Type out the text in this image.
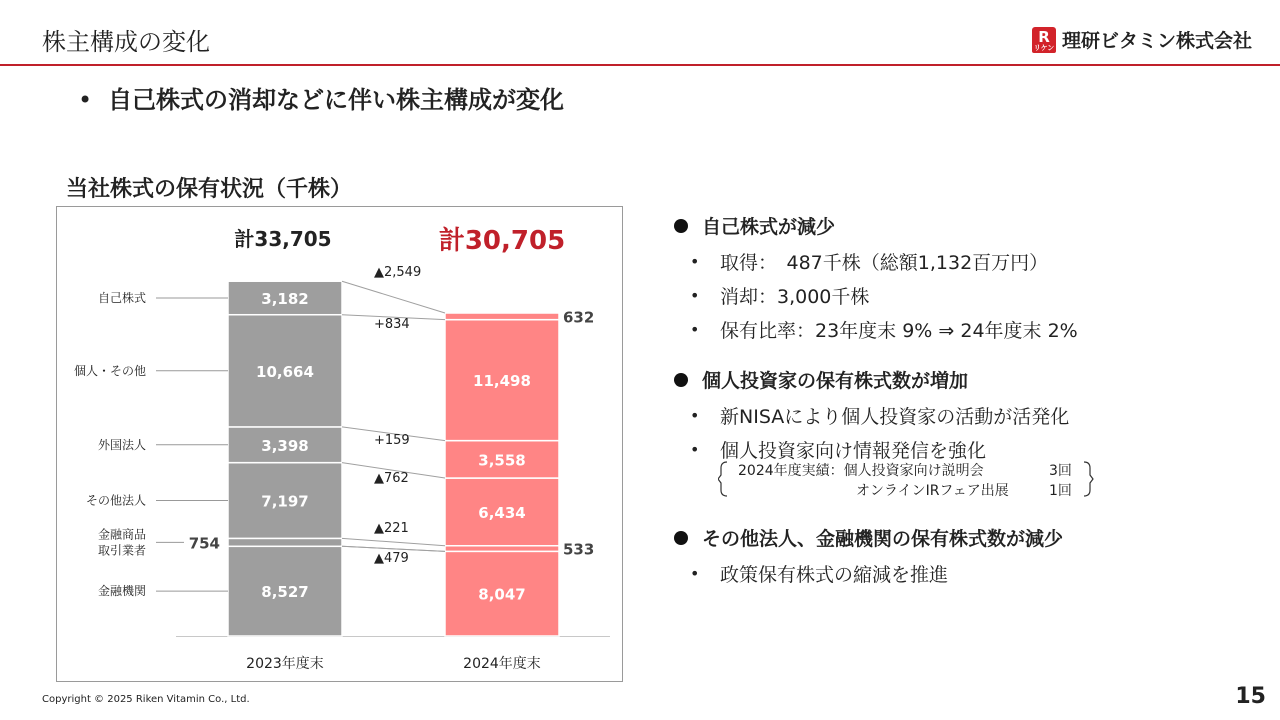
株主構成の変化	R
リケン 理研ビタミン株式会社
• 自己株式の消却などに伴い株主構成が変化
当社株式の保有状況（千株）
2023年度末	2024年度末
8,527	8,047
754	533
7,197
6,434
3,398
3,558
10,664
11,498
3,182
632
金融機関
金融商品取引業者
その他法人
外国法人
個人・その他
自己株式
▲479
▲221
▲762
+159
+834
▲2,549
計33,705	計30,705	自己株式が減少
•	取得：　487千株（総額1,132百万円）
•	消却：3,000千株
•	保有比率：23年度末 9% ⇒ 24年度末 2%
個人投資家の保有株式数が増加
•	新NISAにより個人投資家の活動が活発化
•	個人投資家向け情報発信を強化
2024年度実績：個人投資家向け説明会	3回
オンラインIRフェア出展	1回
その他法人、金融機関の保有株式数が減少
•	政策保有株式の縮減を推進
Copyright © 2025 Riken Vitamin Co., Ltd.	15
